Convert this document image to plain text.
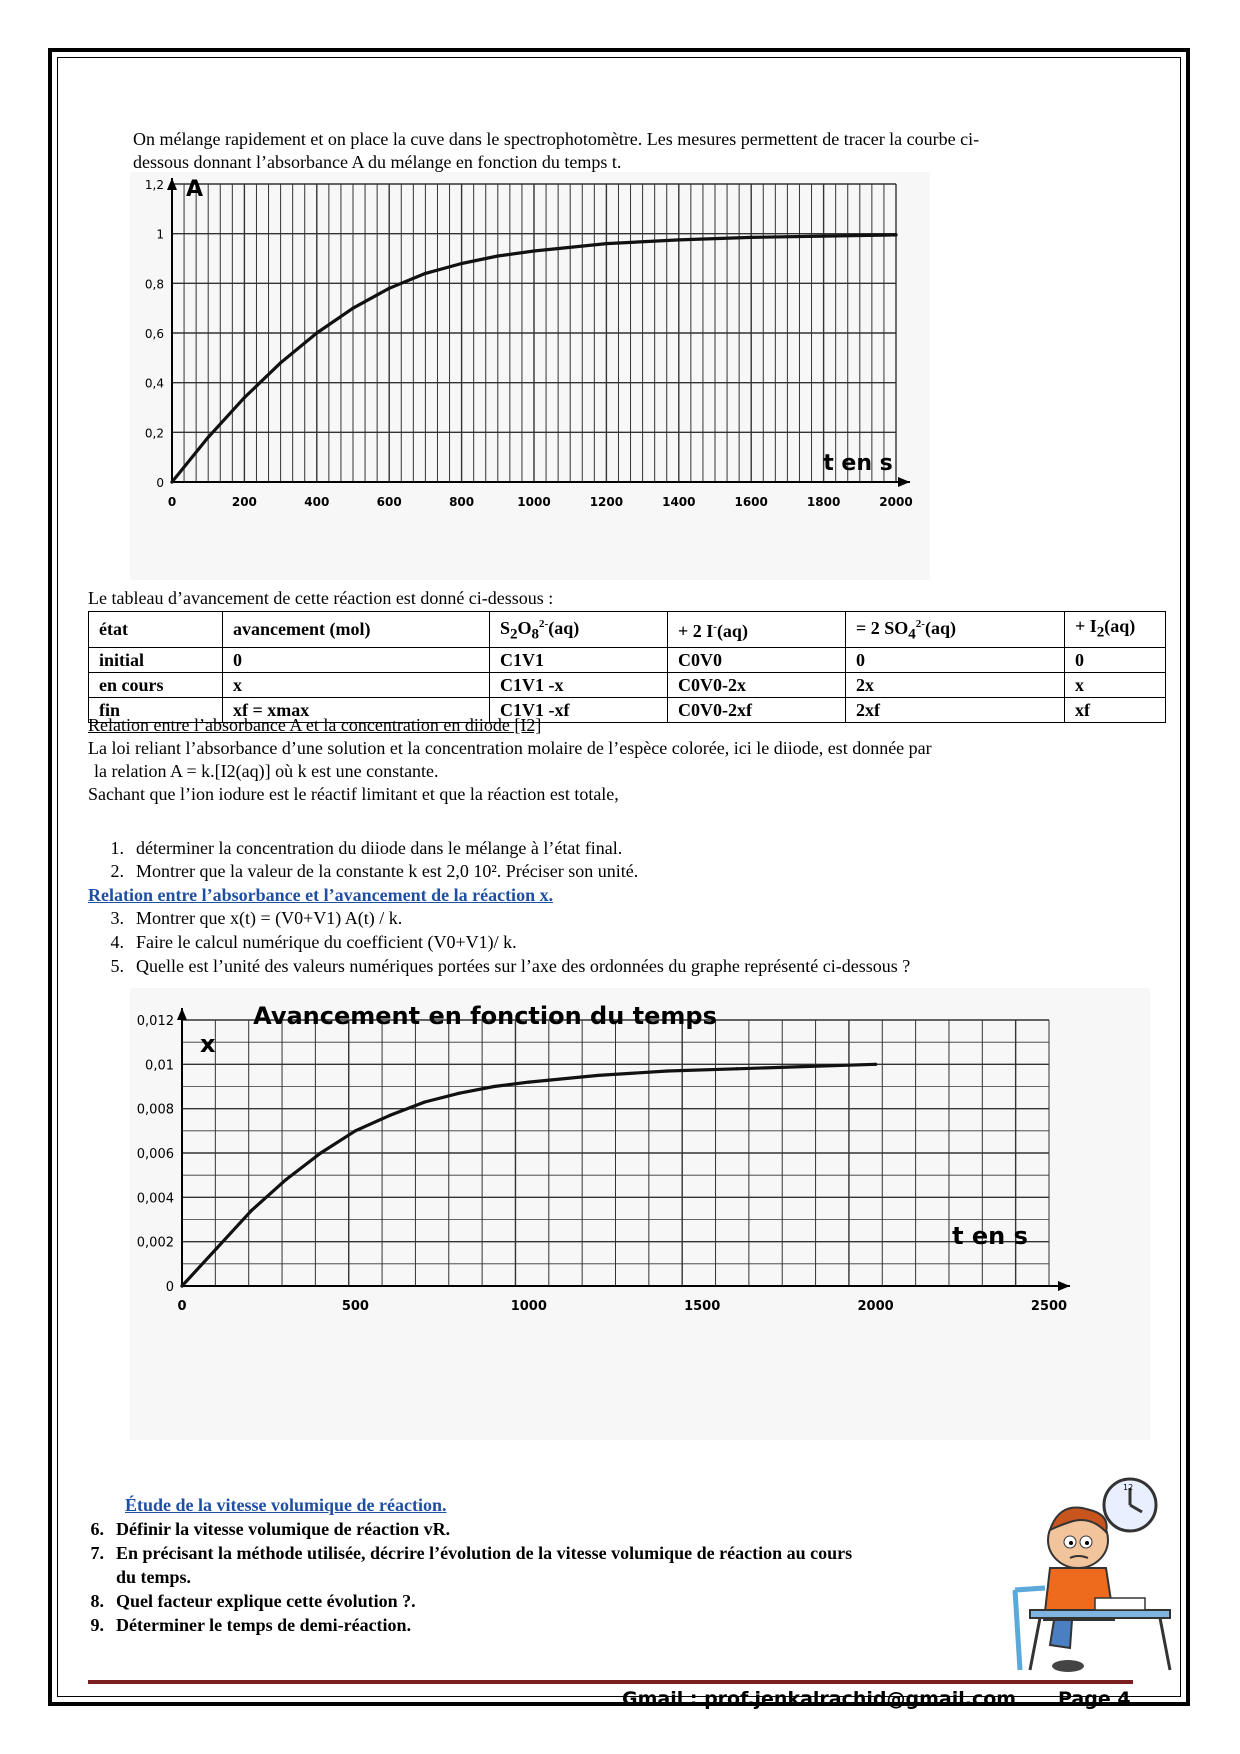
On mélange rapidement et on place la cuve dans le spectrophotomètre. Les mesures permettent de tracer la courbe ci-
dessous donnant l’absorbance A du mélange en fonction du temps t.
0	200	400	600	800	1000	1200	1400	1600	1800	2000
0
0,2
0,4
0,6
0,8
1
1,2
t en s
A
Le tableau d’avancement de cette réaction est donné ci-dessous :
état	avancement (mol)	$S_2O_8^{2-}(aq)$	+ 2 I-(aq)	= 2 $SO_4^{2-}(aq)$	+ $I_2(aq)$
initial	0	C1V1	C0V0	0	0
en cours	x	C1V1 -x	C0V0-2x	2x	x
fin	xf = xmax	C1V1 -xf	C0V0-2xf	2xf	xf
Relation entre l’absorbance A et la concentration en diiode [I2]
La loi reliant l’absorbance d’une solution et la concentration molaire de l’espèce colorée, ici le diiode, est donnée par
la relation A = k.[I2(aq)] où k est une constante.
Sachant que l’ion iodure est le réactif limitant et que la réaction est totale,
1. déterminer la concentration du diiode dans le mélange à l’état final.
2. Montrer que la valeur de la constante k est 2,0 10². Préciser son unité.
Relation entre l’absorbance et l’avancement de la réaction x.
3. Montrer que x(t) = (V0+V1) A(t) / k.
4. Faire le calcul numérique du coefficient (V0+V1)/ k.
5. Quelle est l’unité des valeurs numériques portées sur l’axe des ordonnées du graphe représenté ci-dessous ?
0	500	1000	1500	2000	2500
0
0,002
0,004
0,006
0,008
0,01
0,012
t en s
x
Avancement en fonction du temps
Étude de la vitesse volumique de réaction.
6. Définir la vitesse volumique de réaction vR.
7. En précisant la méthode utilisée, décrire l’évolution de la vitesse volumique de réaction au cours
du temps.
8. Quel facteur explique cette évolution ?.
9. Déterminer le temps de demi-réaction.
12
Gmail : prof.jenkalrachid@gmail.com Page 4
